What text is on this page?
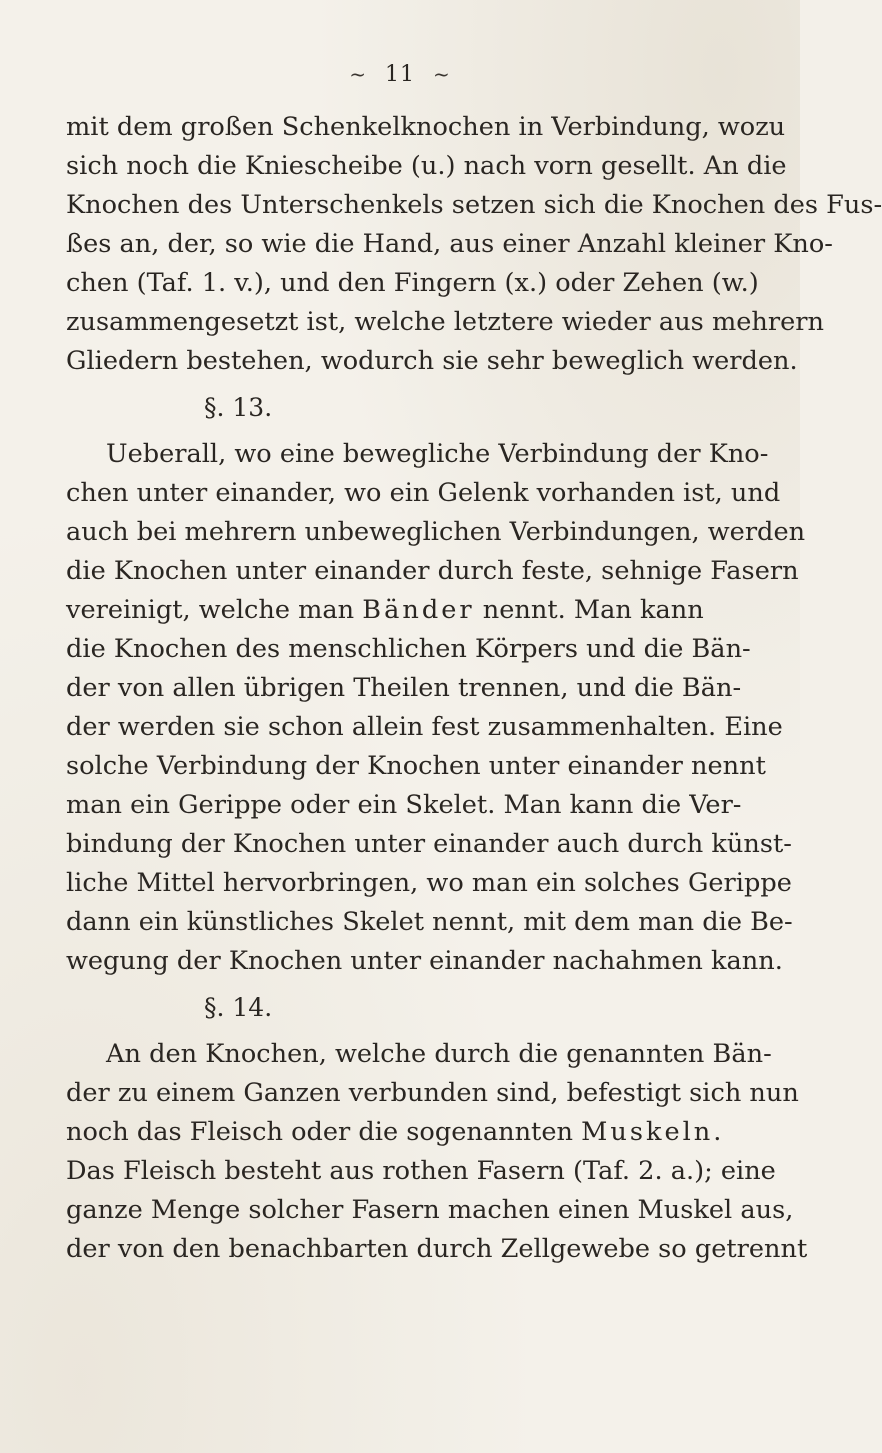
~ 11 ~
mit dem großen Schenkelknochen in Verbindung, wozu
sich noch die Kniescheibe (u.) nach vorn gesellt. An die
Knochen des Unterschenkels setzen sich die Knochen des Fus-
ßes an, der, so wie die Hand, aus einer Anzahl kleiner Kno-
chen (Taf. 1. v.), und den Fingern (x.) oder Zehen (w.)
zusammengesetzt ist, welche letztere wieder aus mehrern
Gliedern bestehen, wodurch sie sehr beweglich werden.
§. 13.
Ueberall, wo eine bewegliche Verbindung der Kno-
chen unter einander, wo ein Gelenk vorhanden ist, und
auch bei mehrern unbeweglichen Verbindungen, werden
die Knochen unter einander durch feste, sehnige Fasern
vereinigt, welche man Bänder nennt. Man kann
die Knochen des menschlichen Körpers und die Bän-
der von allen übrigen Theilen trennen, und die Bän-
der werden sie schon allein fest zusammenhalten. Eine
solche Verbindung der Knochen unter einander nennt
man ein Gerippe oder ein Skelet. Man kann die Ver-
bindung der Knochen unter einander auch durch künst-
liche Mittel hervorbringen, wo man ein solches Gerippe
dann ein künstliches Skelet nennt, mit dem man die Be-
wegung der Knochen unter einander nachahmen kann.
§. 14.
An den Knochen, welche durch die genannten Bän-
der zu einem Ganzen verbunden sind, befestigt sich nun
noch das Fleisch oder die sogenannten Muskeln.
Das Fleisch besteht aus rothen Fasern (Taf. 2. a.); eine
ganze Menge solcher Fasern machen einen Muskel aus,
der von den benachbarten durch Zellgewebe so getrennt
